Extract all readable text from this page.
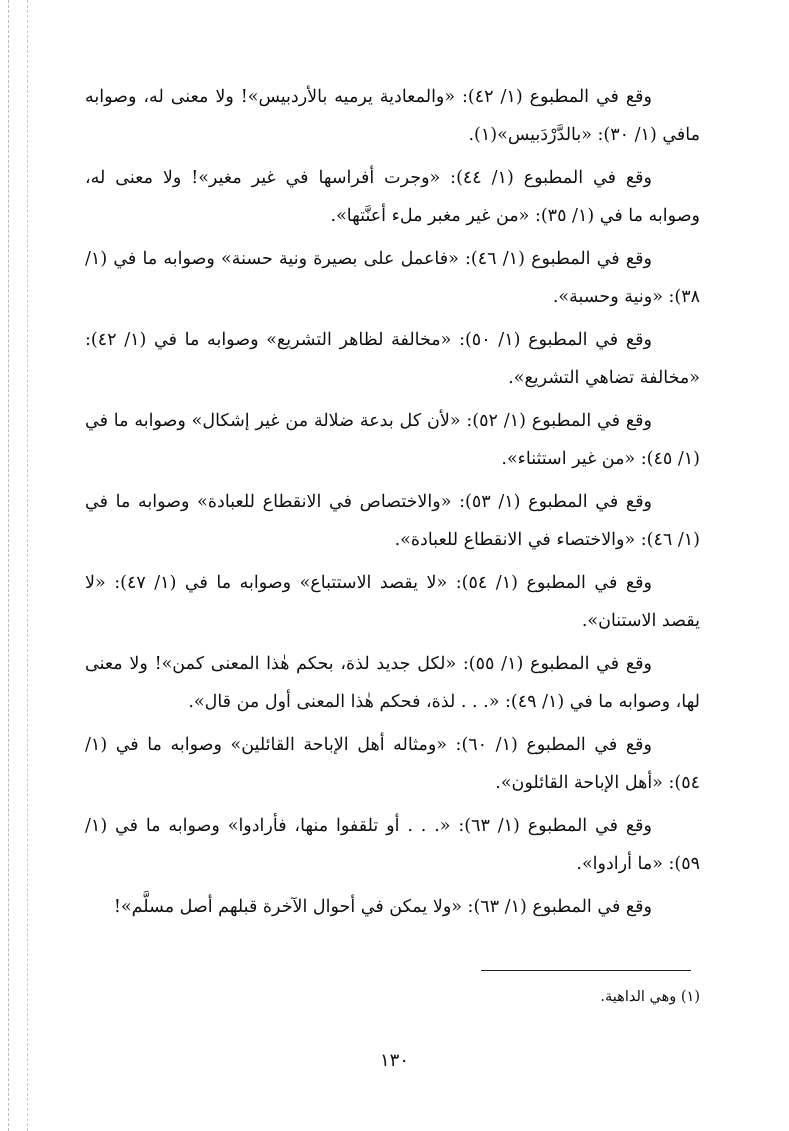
وقع في المطبوع (١/ ٤٢): «والمعادية يرميه بالأردبيس»! ولا معنى له، وصوابه مافي (١/ ٣٠): «بالدَّرْدَبيس»(١).

وقع في المطبوع (١/ ٤٤): «وجرت أفراسها في غير مغير»! ولا معنى له، وصوابه ما في (١/ ٣٥): «من غير مغبر ملء أعنَّتها».

وقع في المطبوع (١/ ٤٦): «فاعمل على بصيرة ونية حسنة» وصوابه ما في (١/ ٣٨): «ونية وحسبة».

وقع في المطبوع (١/ ٥٠): «مخالفة لظاهر التشريع» وصوابه ما في (١/ ٤٢): «مخالفة تضاهي التشريع».

وقع في المطبوع (١/ ٥٢): «لأن كل بدعة ضلالة من غير إشكال» وصوابه ما في (١/ ٤٥): «من غير استثناء».

وقع في المطبوع (١/ ٥٣): «والاختصاص في الانقطاع للعبادة» وصوابه ما في (١/ ٤٦): «والاختصاء في الانقطاع للعبادة».

وقع في المطبوع (١/ ٥٤): «لا يقصد الاستتباع» وصوابه ما في (١/ ٤٧): «لا يقصد الاستنان».

وقع في المطبوع (١/ ٥٥): «لكل جديد لذة، بحكم هٰذا المعنى كمن»! ولا معنى لها، وصوابه ما في (١/ ٤٩): «. . . لذة، فحكم هٰذا المعنى أول من قال».

وقع في المطبوع (١/ ٦٠): «ومثاله أهل الإباحة القائلين» وصوابه ما في (١/ ٥٤): «أهل الإباحة القائلون».

وقع في المطبوع (١/ ٦٣): «. . . أو تلقفوا منها، فأرادوا» وصوابه ما في (١/ ٥٩): «ما أرادوا».

وقع في المطبوع (١/ ٦٣): «ولا يمكن في أحوال الآخرة قبلهم أصل مسلَّم»!

(١) وهي الداهية.
١٣٠
